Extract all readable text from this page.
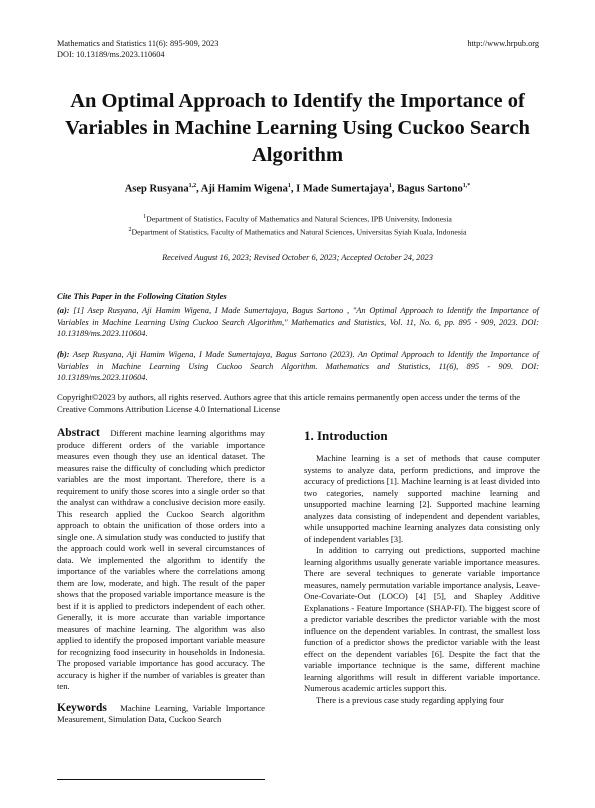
Mathematics and Statistics 11(6): 895-909, 2023
DOI: 10.13189/ms.2023.110604
http://www.hrpub.org
An Optimal Approach to Identify the Importance of Variables in Machine Learning Using Cuckoo Search Algorithm
Asep Rusyana$^{1,2}$, Aji Hamim Wigena$^1$, I Made Sumertajaya$^1$, Bagus Sartono$^{1,*}$
$^1$Department of Statistics, Faculty of Mathematics and Natural Sciences, IPB University, Indonesia
$^2$Department of Statistics, Faculty of Mathematics and Natural Sciences, Universitas Syiah Kuala, Indonesia
Received August 16, 2023; Revised October 6, 2023; Accepted October 24, 2023
Cite This Paper in the Following Citation Styles
(a): [1] Asep Rusyana, Aji Hamim Wigena, I Made Sumertajaya, Bagus Sartono , "An Optimal Approach to Identify the Importance of Variables in Machine Learning Using Cuckoo Search Algorithm," Mathematics and Statistics, Vol. 11, No. 6, pp. 895 - 909, 2023. DOI: 10.13189/ms.2023.110604.
(b): Asep Rusyana, Aji Hamim Wigena, I Made Sumertajaya, Bagus Sartono (2023). An Optimal Approach to Identify the Importance of Variables in Machine Learning Using Cuckoo Search Algorithm. Mathematics and Statistics, 11(6), 895 - 909. DOI: 10.13189/ms.2023.110604.
Copyright©2023 by authors, all rights reserved. Authors agree that this article remains permanently open access under the terms of the Creative Commons Attribution License 4.0 International License

Abstract Different machine learning algorithms may produce different orders of the variable importance measures even though they use an identical dataset. The measures raise the difficulty of concluding which predictor variables are the most important. Therefore, there is a requirement to unify those scores into a single order so that the analyst can withdraw a conclusive decision more easily. This research applied the Cuckoo Search algorithm approach to obtain the unification of those orders into a single one. A simulation study was conducted to justify that the approach could work well in several circumstances of data. We implemented the algorithm to identify the importance of the variables where the correlations among them are low, moderate, and high. The result of the paper shows that the proposed variable importance measure is the best if it is applied to predictors independent of each other. Generally, it is more accurate than variable importance measures of machine learning. The algorithm was also applied to identify the proposed important variable measure for recognizing food insecurity in households in Indonesia. The proposed variable importance has good accuracy. The accuracy is higher if the number of variables is greater than ten.

Keywords Machine Learning, Variable Importance Measurement, Simulation Data, Cuckoo Search

1. Introduction

Machine learning is a set of methods that cause computer systems to analyze data, perform predictions, and improve the accuracy of predictions [1]. Machine learning is at least divided into two categories, namely supported machine learning and unsupported machine learning [2]. Supported machine learning analyzes data consisting of independent and dependent variables, while unsupported machine learning analyzes data consisting only of independent variables [3].

In addition to carrying out predictions, supported machine learning algorithms usually generate variable importance measures. There are several techniques to generate variable importance measures, namely permutation variable importance analysis, Leave-One-Covariate-Out (LOCO) [4] [5], and Shapley Additive Explanations - Feature Importance (SHAP-FI). The biggest score of a predictor variable describes the predictor variable with the most influence on the dependent variables. In contrast, the smallest loss function of a predictor shows the predictor variable with the least effect on the dependent variables [6]. Despite the fact that the variable importance technique is the same, different machine learning algorithms will result in different variable importance. Numerous academic articles support this.

There is a previous case study regarding applying four
